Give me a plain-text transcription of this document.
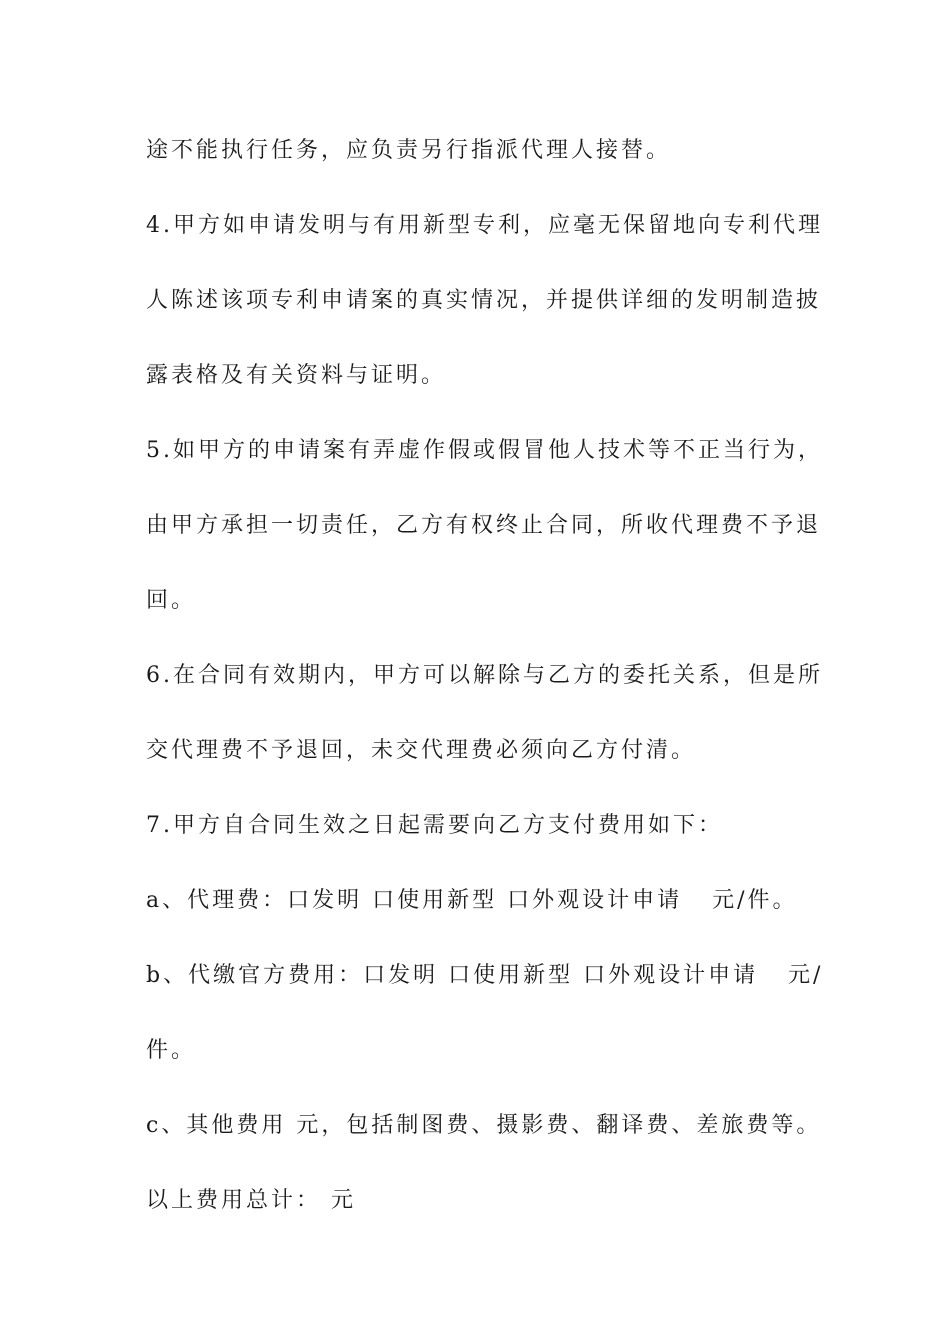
途不能执行任务，应负责另行指派代理人接替。
4.甲方如申请发明与有用新型专利，应毫无保留地向专利代理
人陈述该项专利申请案的真实情况，并提供详细的发明制造披
露表格及有关资料与证明。
5.如甲方的申请案有弄虚作假或假冒他人技术等不正当行为，
由甲方承担一切责任，乙方有权终止合同，所收代理费不予退
回。
6.在合同有效期内，甲方可以解除与乙方的委托关系，但是所
交代理费不予退回，未交代理费必须向乙方付清。
7.甲方自合同生效之日起需要向乙方支付费用如下：
a、代理费：口发明 口使用新型 口外观设计申请   元/件。
b、代缴官方费用：口发明 口使用新型 口外观设计申请   元/
件。
c、其他费用 元，包括制图费、摄影费、翻译费、差旅费等。
以上费用总计： 元
